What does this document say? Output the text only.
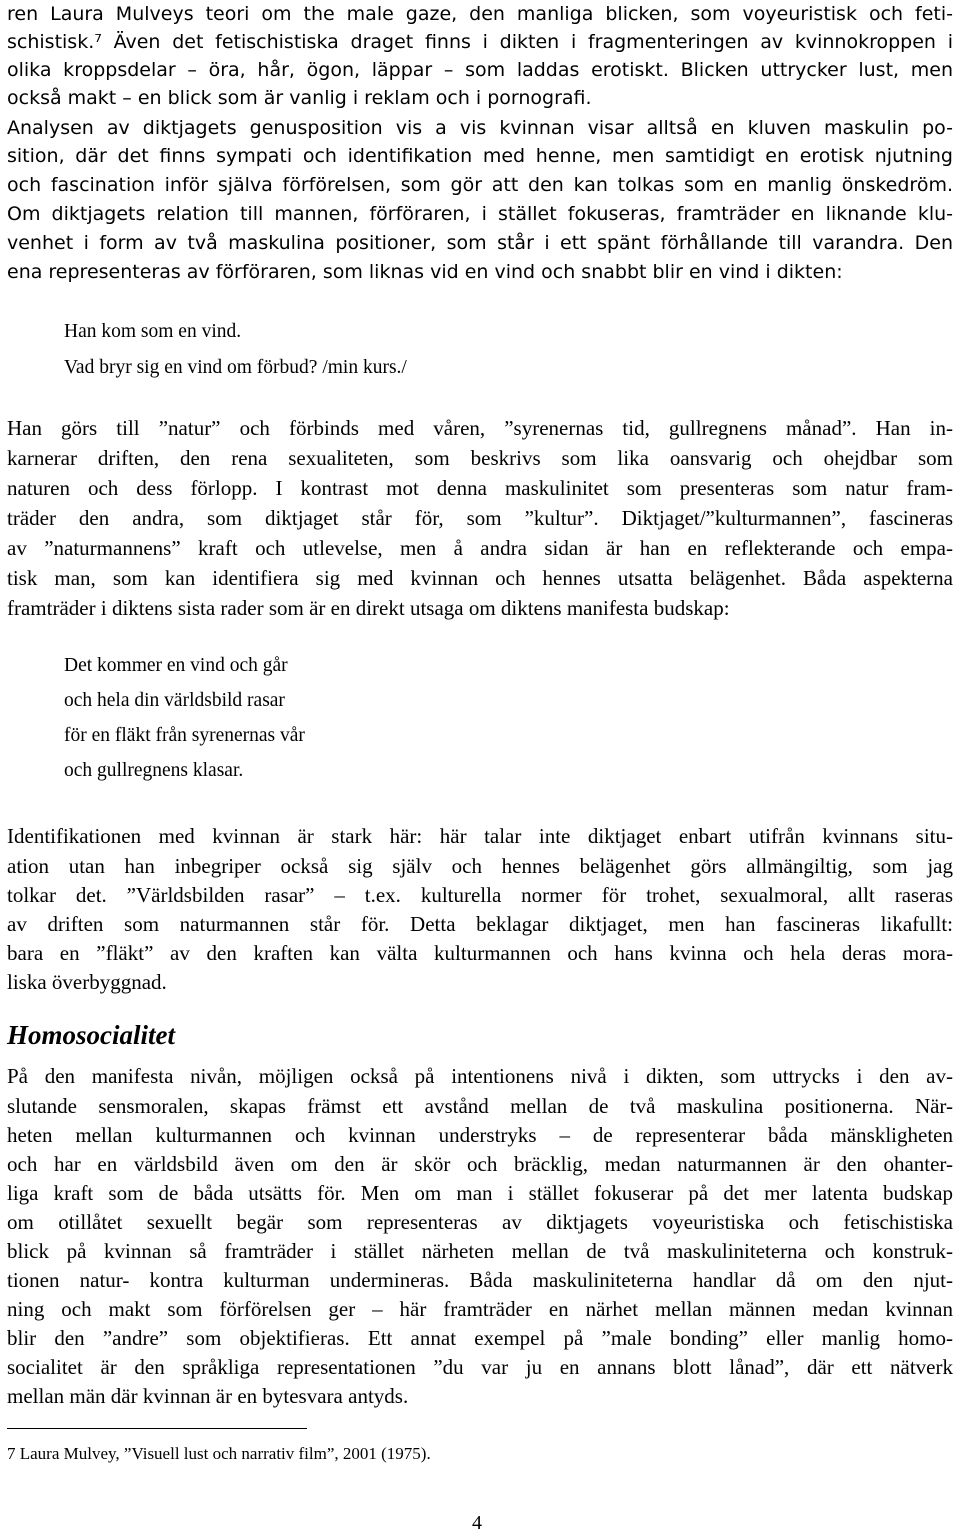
ren Laura Mulveys teori om the male gaze, den manliga blicken, som voyeuristisk och feti-
schistisk.⁷ Även det fetischistiska draget finns i dikten i fragmenteringen av kvinnokroppen i
olika kroppsdelar – öra, hår, ögon, läppar – som laddas erotiskt. Blicken uttrycker lust, men
också makt – en blick som är vanlig i reklam och i pornografi.
Analysen av diktjagets genusposition vis a vis kvinnan visar alltså en kluven maskulin po-
sition, där det finns sympati och identifikation med henne, men samtidigt en erotisk njutning
och fascination inför själva förförelsen, som gör att den kan tolkas som en manlig önskedröm.
Om diktjagets relation till mannen, förföraren, i stället fokuseras, framträder en liknande klu-
venhet i form av två maskulina positioner, som står i ett spänt förhållande till varandra. Den
ena representeras av förföraren, som liknas vid en vind och snabbt blir en vind i dikten:
Han kom som en vind.
Vad bryr sig en vind om förbud? /min kurs./
Han görs till ”natur” och förbinds med våren, ”syrenernas tid, gullregnens månad”. Han in-
karnerar driften, den rena sexualiteten, som beskrivs som lika oansvarig och ohejdbar som
naturen och dess förlopp. I kontrast mot denna maskulinitet som presenteras som natur fram-
träder den andra, som diktjaget står för, som ”kultur”. Diktjaget/”kulturmannen”, fascineras
av ”naturmannens” kraft och utlevelse, men å andra sidan är han en reflekterande och empa-
tisk man, som kan identifiera sig med kvinnan och hennes utsatta belägenhet. Båda aspekterna
framträder i diktens sista rader som är en direkt utsaga om diktens manifesta budskap:
Det kommer en vind och går
och hela din världsbild rasar
för en fläkt från syrenernas vår
och gullregnens klasar.
Identifikationen med kvinnan är stark här: här talar inte diktjaget enbart utifrån kvinnans situ-
ation utan han inbegriper också sig själv och hennes belägenhet görs allmängiltig, som jag
tolkar det. ”Världsbilden rasar” – t.ex. kulturella normer för trohet, sexualmoral, allt raseras
av driften som naturmannen står för. Detta beklagar diktjaget, men han fascineras likafullt:
bara en ”fläkt” av den kraften kan välta kulturmannen och hans kvinna och hela deras mora-
liska överbyggnad.
Homosocialitet
På den manifesta nivån, möjligen också på intentionens nivå i dikten, som uttrycks i den av-
slutande sensmoralen, skapas främst ett avstånd mellan de två maskulina positionerna. När-
heten mellan kulturmannen och kvinnan understryks – de representerar båda mänskligheten
och har en världsbild även om den är skör och bräcklig, medan naturmannen är den ohanter-
liga kraft som de båda utsätts för. Men om man i stället fokuserar på det mer latenta budskap
om otillåtet sexuellt begär som representeras av diktjagets voyeuristiska och fetischistiska
blick på kvinnan så framträder i stället närheten mellan de två maskuliniteterna och konstruk-
tionen natur- kontra kulturman undermineras. Båda maskuliniteterna handlar då om den njut-
ning och makt som förförelsen ger – här framträder en närhet mellan männen medan kvinnan
blir den ”andre” som objektifieras. Ett annat exempel på ”male bonding” eller manlig homo-
socialitet är den språkliga representationen ”du var ju en annans blott lånad”, där ett nätverk
mellan män där kvinnan är en bytesvara antyds.
7 Laura Mulvey, ”Visuell lust och narrativ film”, 2001 (1975).
4
